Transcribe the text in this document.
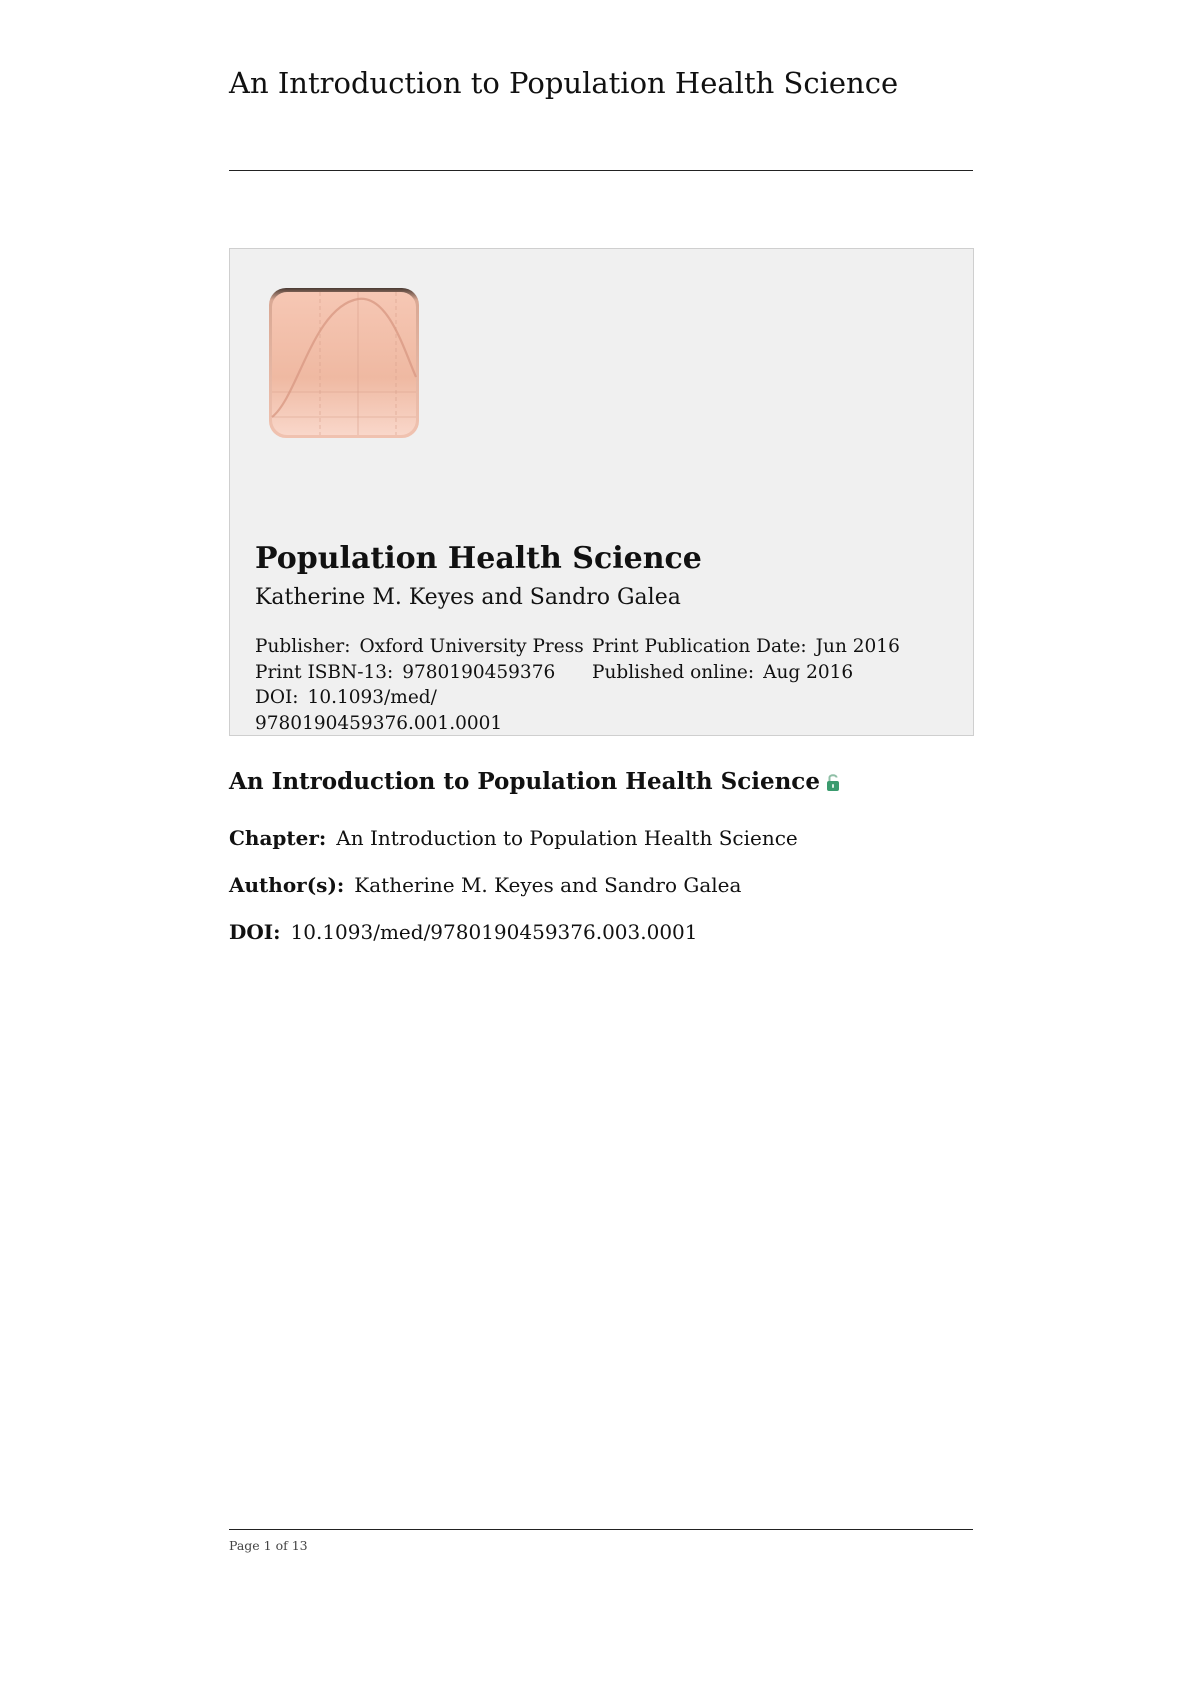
An Introduction to Population Health Science
Population Health Science
Katherine M. Keyes and Sandro Galea
Publisher: Oxford University Press
Print ISBN-13: 9780190459376
DOI: 10.1093/med/
9780190459376.001.0001
Print Publication Date: Jun 2016
Published online: Aug 2016
An Introduction to Population Health Science
Chapter: An Introduction to Population Health Science
Author(s): Katherine M. Keyes and Sandro Galea
DOI: 10.1093/med/9780190459376.003.0001
Page 1 of 13
